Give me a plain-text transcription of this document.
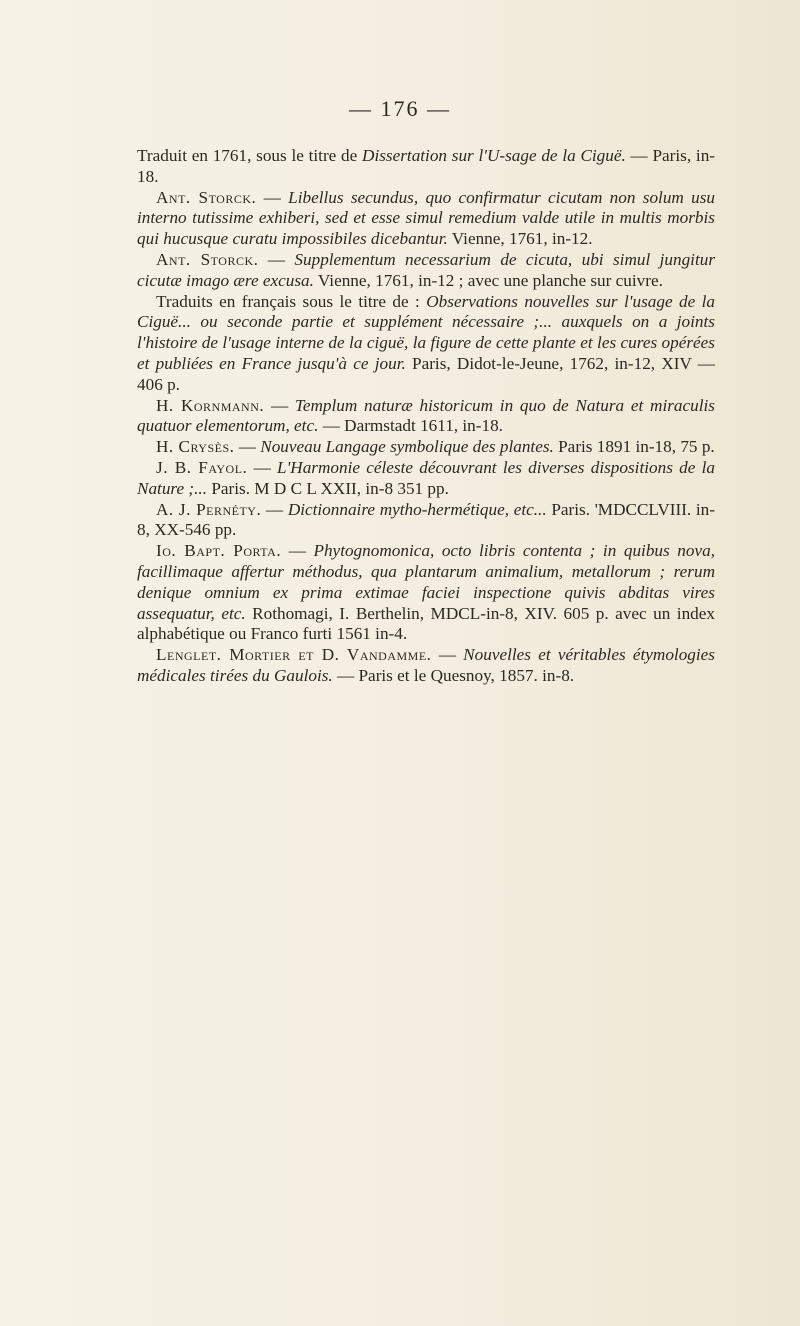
— 176 —

Traduit en 1761, sous le titre de Dissertation sur l'U-sage de la Ciguë. — Paris, in-18.

Ant. Storck. — Libellus secundus, quo confirmatur cicutam non solum usu interno tutissime exhiberi, sed et esse simul remedium valde utile in multis morbis qui hucusque curatu impossibiles dicebantur. Vienne, 1761, in-12.

Ant. Storck. — Supplementum necessarium de cicuta, ubi simul jungitur cicutæ imago ære excusa. Vienne, 1761, in-12 ; avec une planche sur cuivre.

Traduits en français sous le titre de : Observations nouvelles sur l'usage de la Ciguë... ou seconde partie et supplément nécessaire ;... auxquels on a joints l'histoire de l'usage interne de la ciguë, la figure de cette plante et les cures opérées et publiées en France jusqu'à ce jour. Paris, Didot-le-Jeune, 1762, in-12, XIV — 406 p.

H. Kornmann. — Templum naturæ historicum in quo de Natura et miraculis quatuor elementorum, etc. — Darmstadt 1611, in-18.

H. Crysès. — Nouveau Langage symbolique des plantes. Paris 1891 in-18, 75 p.

J. B. Fayol. — L'Harmonie céleste découvrant les diverses dispositions de la Nature ;... Paris. M D C L XXII, in-8 351 pp.

A. J. Pernéty. — Dictionnaire mytho-hermétique, etc... Paris. 'MDCCLVIII. in-8, XX-546 pp.

Io. Bapt. Porta. — Phytognomonica, octo libris contenta ; in quibus nova, facillimaque affertur méthodus, qua plantarum animalium, metallorum ; rerum denique omnium ex prima extimae faciei inspectione quivis abditas vires assequatur, etc. Rothomagi, I. Berthelin, MDCL-in-8, XIV. 605 p. avec un index alphabétique ou Franco furti 1561 in-4.

Lenglet. Mortier et D. Vandamme. — Nouvelles et véritables étymologies médicales tirées du Gaulois. — Paris et le Quesnoy, 1857. in-8.
